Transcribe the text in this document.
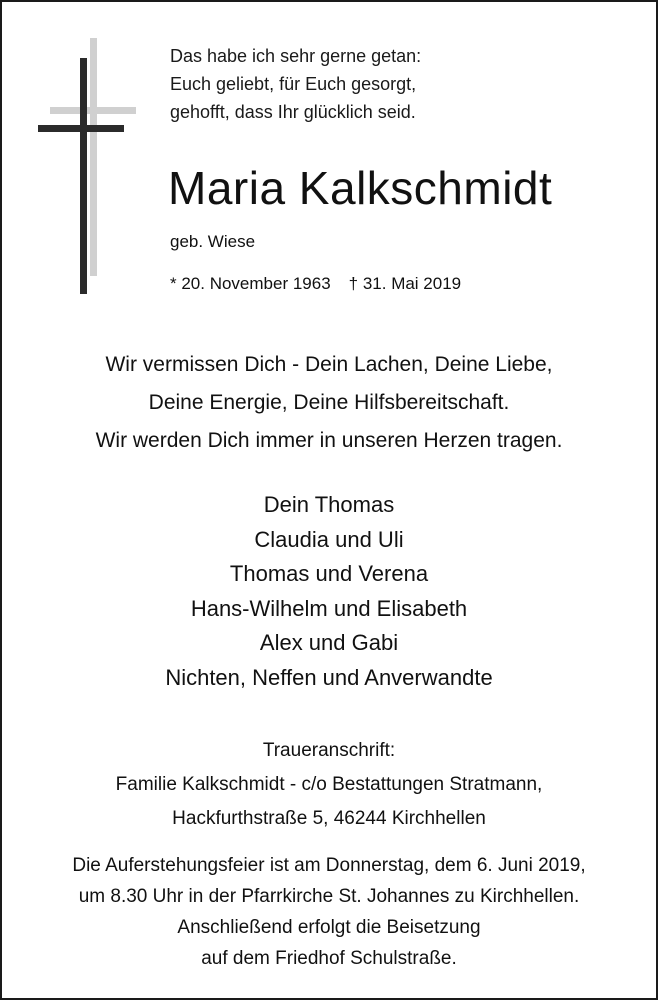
Das habe ich sehr gerne getan:
Euch geliebt, für Euch gesorgt,
gehofft, dass Ihr glücklich seid.
Maria Kalkschmidt
geb. Wiese
* 20. November 1963 † 31. Mai 2019
Wir vermissen Dich - Dein Lachen, Deine Liebe,
Deine Energie, Deine Hilfsbereitschaft.
Wir werden Dich immer in unseren Herzen tragen.
Dein Thomas
Claudia und Uli
Thomas und Verena
Hans-Wilhelm und Elisabeth
Alex und Gabi
Nichten, Neffen und Anverwandte
Traueranschrift:
Familie Kalkschmidt - c/o Bestattungen Stratmann,
Hackfurthstraße 5, 46244 Kirchhellen
Die Auferstehungsfeier ist am Donnerstag, dem 6. Juni 2019,
um 8.30 Uhr in der Pfarrkirche St. Johannes zu Kirchhellen.
Anschließend erfolgt die Beisetzung
auf dem Friedhof Schulstraße.
